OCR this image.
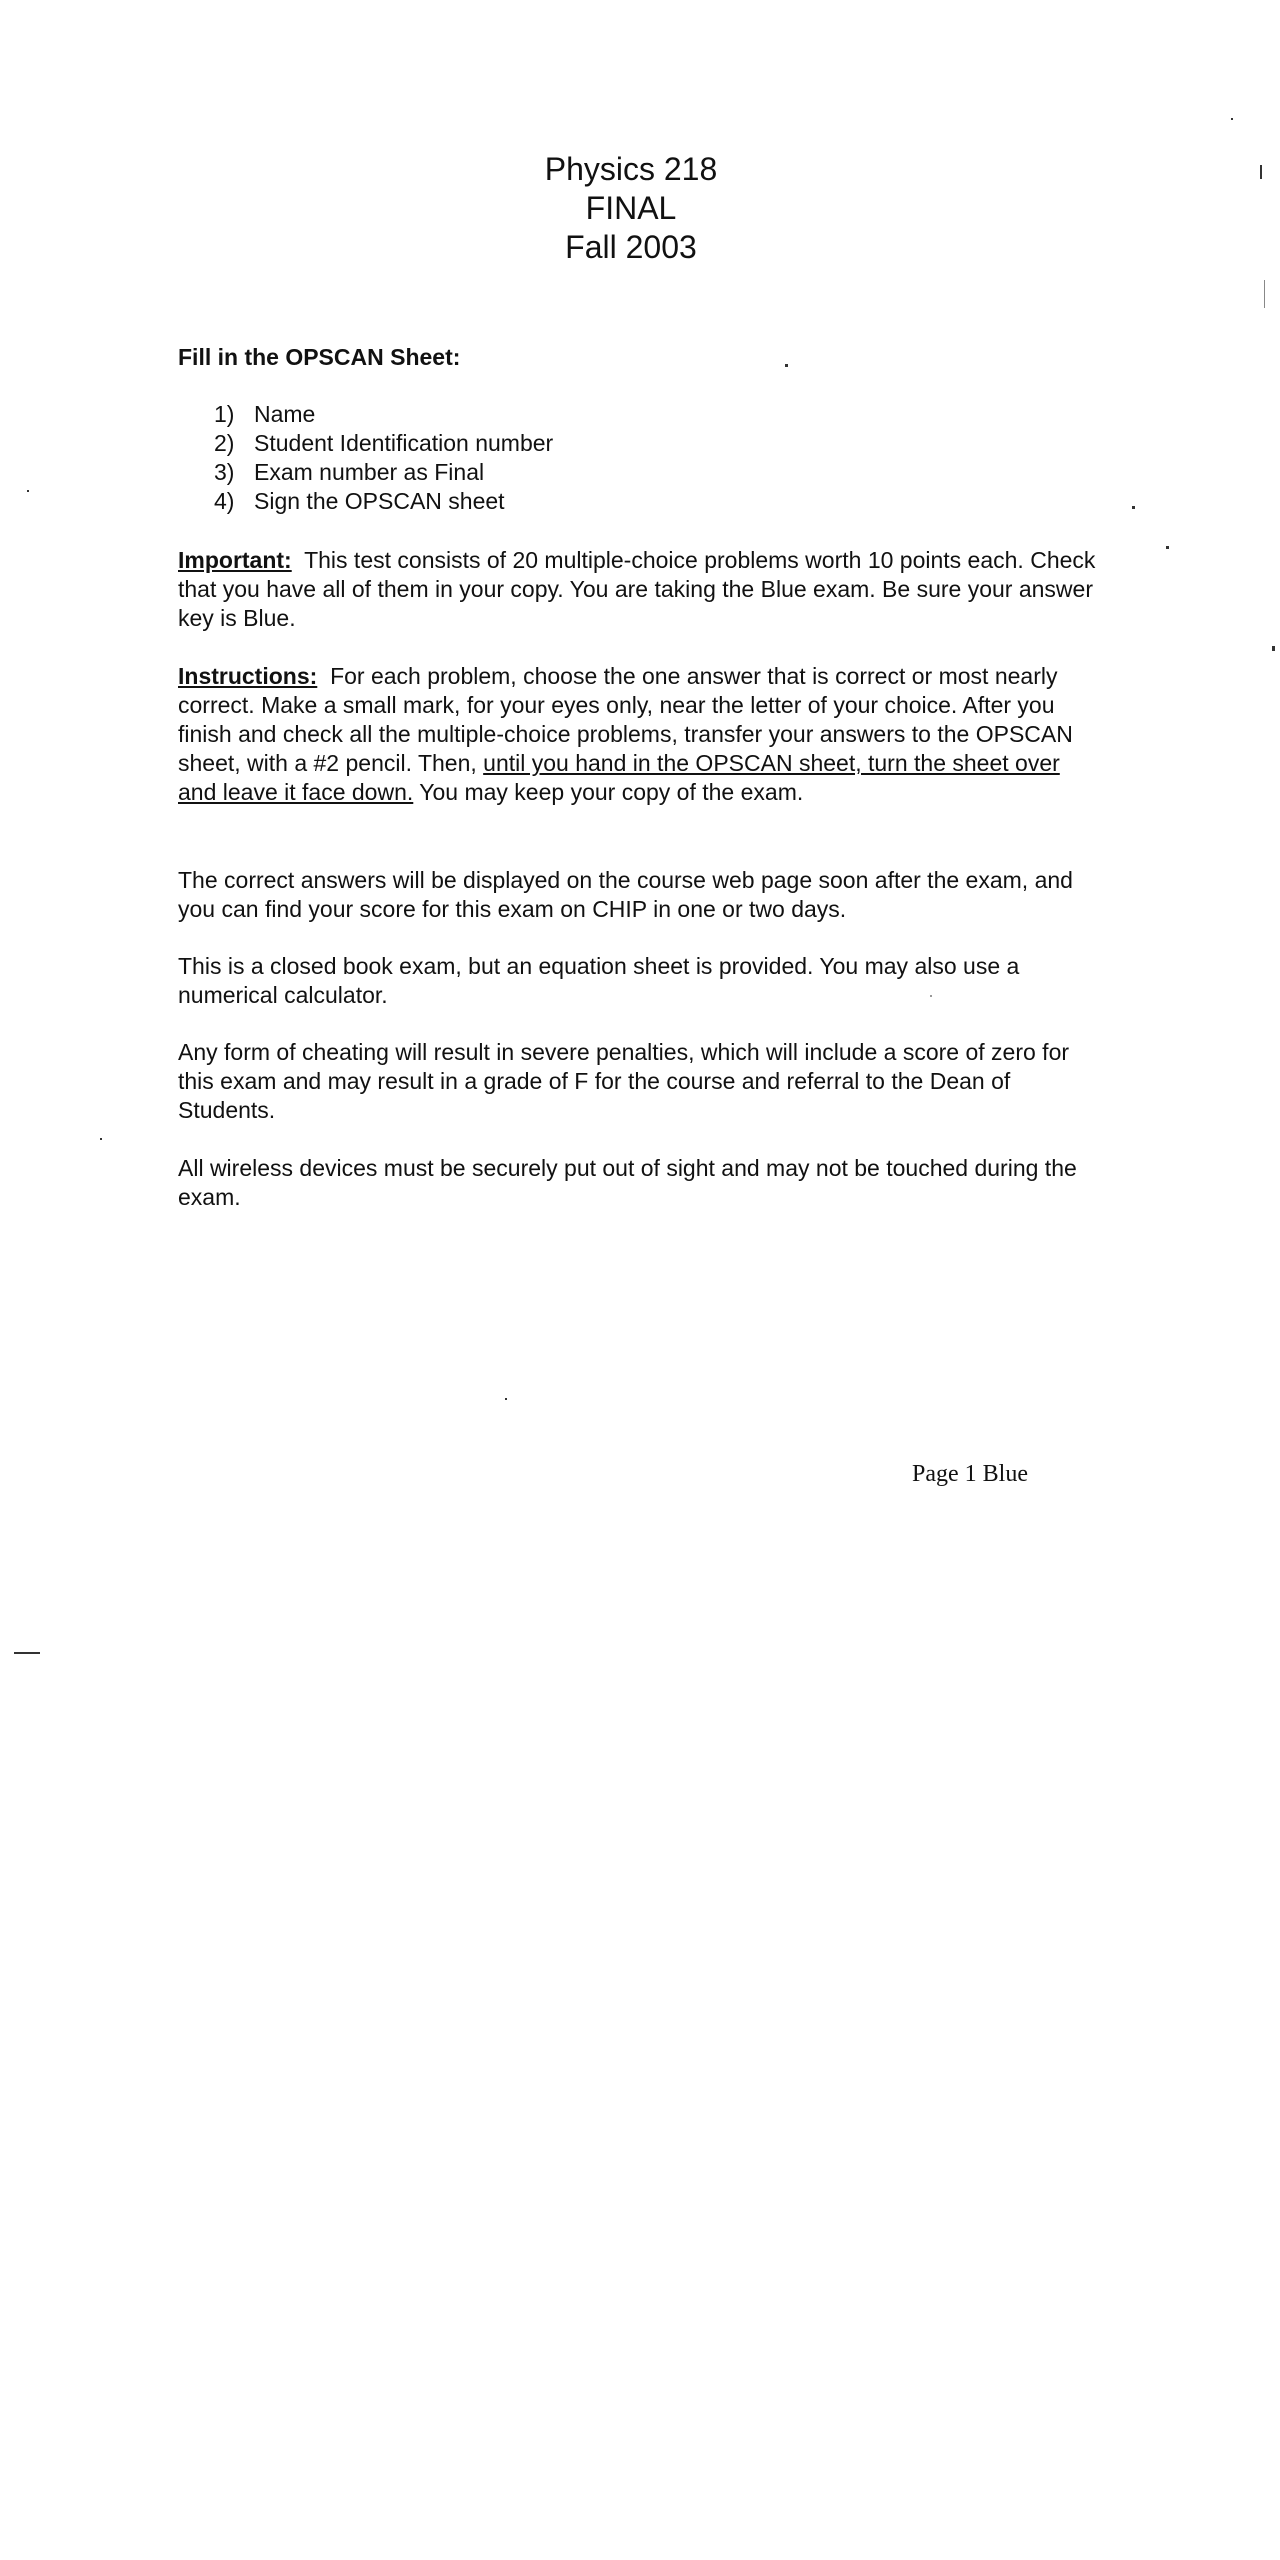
Physics 218
FINAL
Fall 2003
Fill in the OPSCAN Sheet:
1) Name
2) Student Identification number
3) Exam number as Final
4) Sign the OPSCAN sheet

Important: This test consists of 20 multiple-choice problems worth 10 points each. Check that you have all of them in your copy. You are taking the Blue exam. Be sure your answer key is Blue.

Instructions: For each problem, choose the one answer that is correct or most nearly correct. Make a small mark, for your eyes only, near the letter of your choice. After you finish and check all the multiple-choice problems, transfer your answers to the OPSCAN sheet, with a #2 pencil. Then, until you hand in the OPSCAN sheet, turn the sheet over and leave it face down. You may keep your copy of the exam.

The correct answers will be displayed on the course web page soon after the exam, and you can find your score for this exam on CHIP in one or two days.

This is a closed book exam, but an equation sheet is provided. You may also use a numerical calculator.

Any form of cheating will result in severe penalties, which will include a score of zero for this exam and may result in a grade of F for the course and referral to the Dean of Students.

All wireless devices must be securely put out of sight and may not be touched during the exam.

Page 1 Blue
